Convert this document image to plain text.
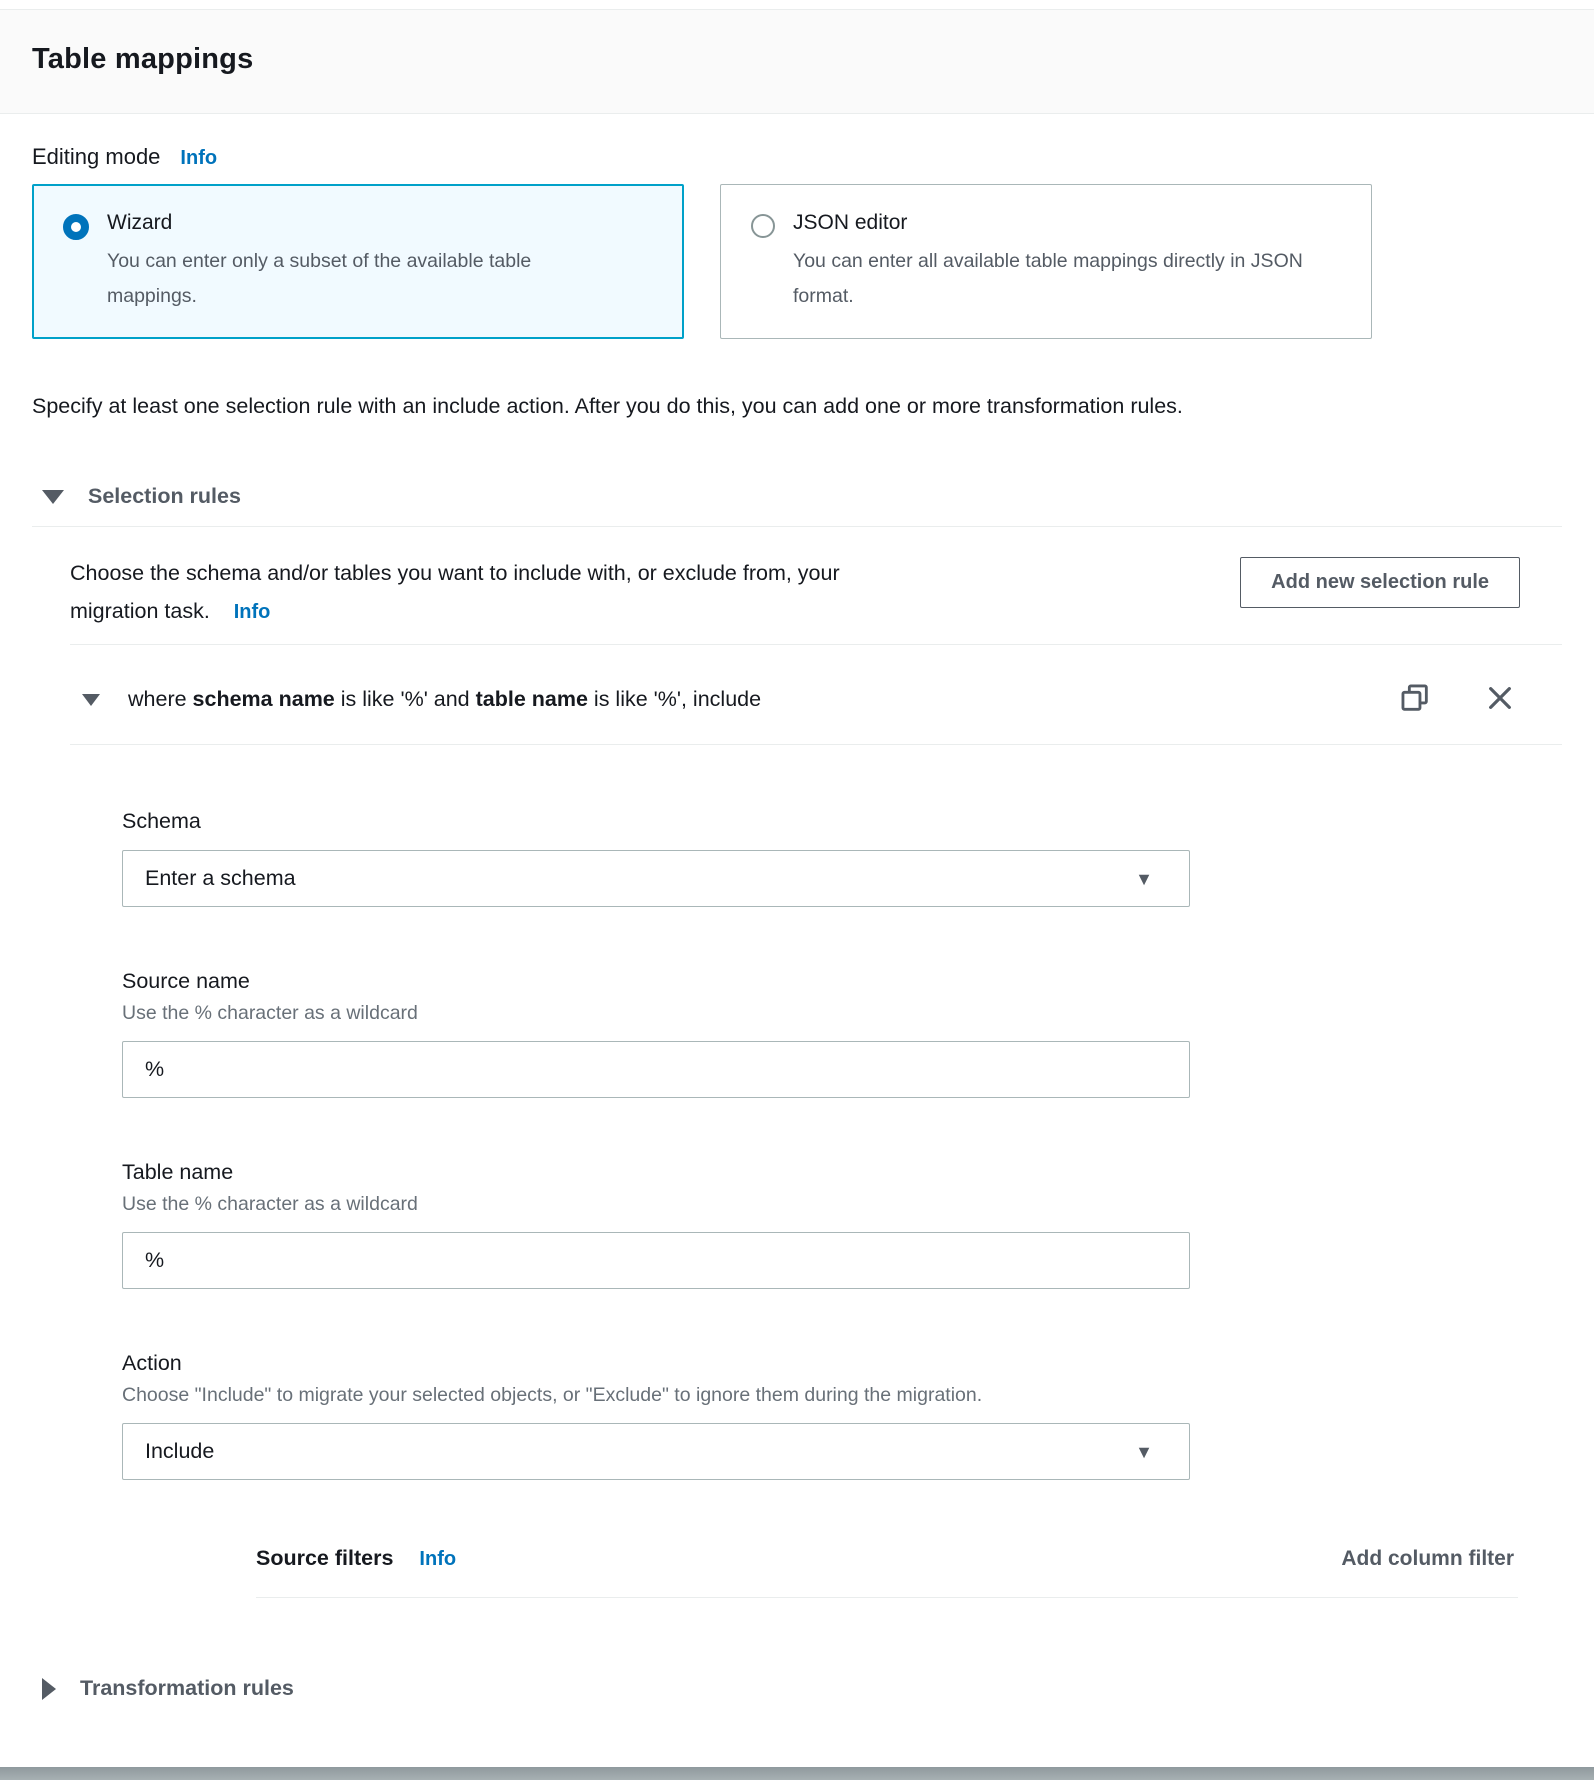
Table mappings
Editing mode Info
Wizard
You can enter only a subset of the available table mappings.
JSON editor
You can enter all available table mappings directly in JSON format.

Specify at least one selection rule with an include action. After you do this, you can add one or more transformation rules.

Selection rules
Choose the schema and/or tables you want to include with, or exclude from, your migration task. Info
Add new selection rule
where schema name is like '%' and table name is like '%', include
Schema
Enter a schema	▼
Source name
Use the % character as a wildcard
%
Table name
Use the % character as a wildcard
%
Action
Choose "Include" to migrate your selected objects, or "Exclude" to ignore them during the migration.
Include	▼
Source filters Info	Add column filter
Transformation rules
